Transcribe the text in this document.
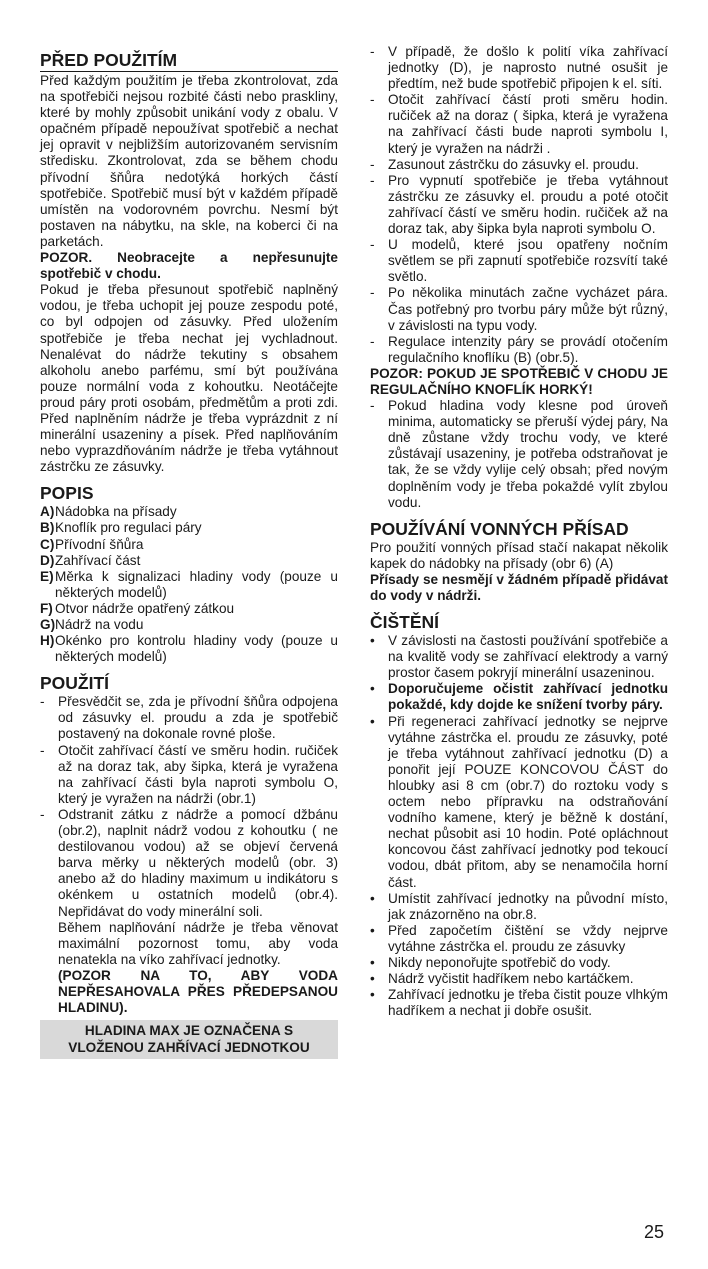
PŘED POUŽITÍM

Před každým použitím je třeba zkontrolovat, zda na spotřebiči nejsou rozbité části nebo praskliny, které by mohly způsobit unikání vody z obalu. V opačném případě nepoužívat spotřebič a nechat jej opravit v nejbližším autorizovaném servisním středisku. Zkontrolovat, zda se během chodu přívodní šňůra nedotýká horkých částí spotřebiče. Spotřebič musí být v každém případě umístěn na vodorovném povrchu. Nesmí být postaven na nábytku, na skle, na koberci či na parketách.

POZOR. Neobracejte a nepřesunujte spotřebič v chodu.

Pokud je třeba přesunout spotřebič naplněný vodou, je třeba uchopit jej pouze zespodu poté, co byl odpojen od zásuvky. Před uložením spotřebiče je třeba nechat jej vychladnout. Nenalévat do nádrže tekutiny s obsahem alkoholu anebo parfému, smí být používána pouze normální voda z kohoutku. Neotáčejte proud páry proti osobám, předmětům a proti zdi. Před naplněním nádrže je třeba vyprázdnit z ní minerální usazeniny a písek. Před naplňováním nebo vyprazdňováním nádrže je třeba vytáhnout zástrčku ze zásuvky.

POPIS
A) Nádobka na přísady
B) Knoflík pro regulaci páry
C) Přívodní šňůra
D) Zahřívací část
E) Měrka k signalizaci hladiny vody (pouze u některých modelů)
F) Otvor nádrže opatřený zátkou
G) Nádrž na vodu
H) Okénko pro kontrolu hladiny vody (pouze u některých modelů)
POUŽITÍ
- Přesvědčit se, zda je přívodní šňůra odpojena od zásuvky el. proudu a zda je spotřebič postavený na dokonale rovné ploše.
- Otočit zahřívací částí ve směru hodin. ručiček až na doraz tak, aby šipka, která je vyražena na zahřívací části byla naproti symbolu O, který je vyražen na nádrži (obr.1)
- Odstranit zátku z nádrže a pomocí džbánu (obr.2), naplnit nádrž vodou z kohoutku ( ne destilovanou vodou) až se objeví červená barva měrky u některých modelů (obr. 3) anebo až do hladiny maximum u indikátoru s okénkem u ostatních modelů (obr.4). Nepřidávat do vody minerální soli.
Během naplňování nádrže je třeba věnovat maximální pozornost tomu, aby voda nenatekla na víko zahřívací jednotky.
(POZOR NA TO, ABY VODA NEPŘESAHOVALA PŘES PŘEDEPSANOU HLADINU).
HLADINA MAX JE OZNAČENA S VLOŽENOU ZAHŘÍVACÍ JEDNOTKOU
- V případě, že došlo k polití víka zahřívací jednotky (D), je naprosto nutné osušit je předtím, než bude spotřebič připojen k el. síti.
- Otočit zahřívací částí proti směru hodin. ručiček až na doraz ( šipka, která je vyražena na zahřívací části bude naproti symbolu I, který je vyražen na nádrži .
- Zasunout zástrčku do zásuvky el. proudu.
- Pro vypnutí spotřebiče je třeba vytáhnout zástrčku ze zásuvky el. proudu a poté otočit zahřívací částí ve směru hodin. ručiček až na doraz tak, aby šipka byla naproti symbolu O.
- U modelů, které jsou opatřeny nočním světlem se při zapnutí spotřebiče rozsvítí také světlo.
- Po několika minutách začne vycházet pára. Čas potřebný pro tvorbu páry může být různý, v závislosti na typu vody.
- Regulace intenzity páry se provádí otočením regulačního knoflíku (B) (obr.5).

POZOR: POKUD JE SPOTŘEBIČ V CHODU JE REGULAČNÍHO KNOFLÍK HORKÝ!

- Pokud hladina vody klesne pod úroveň minima, automaticky se přeruší výdej páry, Na dně zůstane vždy trochu vody, ve které zůstávají usazeniny, je potřeba odstraňovat je tak, že se vždy vylije celý obsah; před novým doplněním vody je třeba pokaždé vylít zbylou vodu.
POUŽÍVÁNÍ VONNÝCH PŘÍSAD

Pro použití vonných přísad stačí nakapat několik kapek do nádobky na přísady (obr 6) (A)

Přísady se nesmějí v žádném případě přidávat do vody v nádrži.

ČIŠTĚNÍ
• V závislosti na častosti používání spotřebiče a na kvalitě vody se zahřívací elektrody a varný prostor časem pokryjí minerální usazeninou.
• Doporučujeme očistit zahřívací jednotku pokaždé, kdy dojde ke snížení tvorby páry.
• Při regeneraci zahřívací jednotky se nejprve vytáhne zástrčka el. proudu ze zásuvky, poté je třeba vytáhnout zahřívací jednotku (D) a ponořit její POUZE KONCOVOU ČÁST do hloubky asi 8 cm (obr.7) do roztoku vody s octem nebo přípravku na odstraňování vodního kamene, který je běžně k dostání, nechat působit asi 10 hodin. Poté opláchnout koncovou část zahřívací jednotky pod tekoucí vodou, dbát přitom, aby se nenamočila horní část.
• Umístit zahřívací jednotky na původní místo, jak znázorněno na obr.8.
• Před započetím čištění se vždy nejprve vytáhne zástrčka el. proudu ze zásuvky
• Nikdy neponořujte spotřebič do vody.
• Nádrž vyčistit hadříkem nebo kartáčkem.
• Zahřívací jednotku je třeba čistit pouze vlhkým hadříkem a nechat ji dobře osušit.
25
